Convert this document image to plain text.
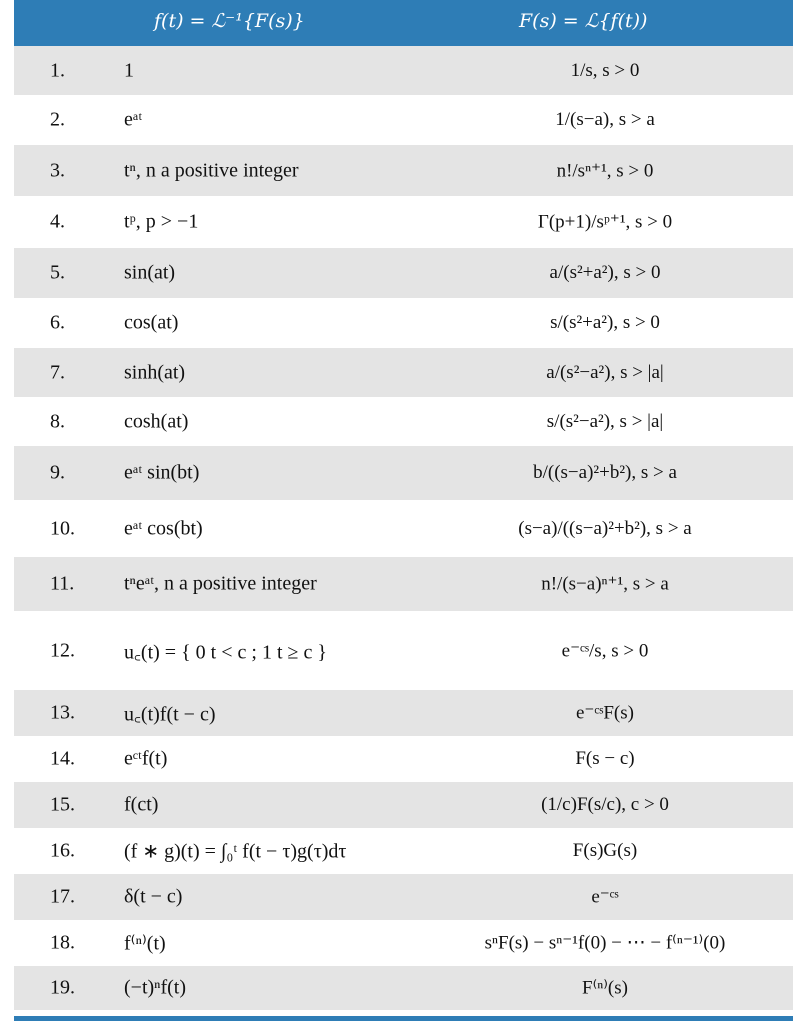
f(t) = ℒ⁻¹{F(s)}	F(s) = ℒ{f(t))
1.	1	1/s, s > 0
2.	eᵃᵗ	1/(s−a), s > a
3.	tⁿ, n a positive integer	n!/sⁿ⁺¹, s > 0
4.	tᵖ, p > −1	Γ(p+1)/sᵖ⁺¹, s > 0
5.	sin(at)	a/(s²+a²), s > 0
6.	cos(at)	s/(s²+a²), s > 0
7.	sinh(at)	a/(s²−a²), s > |a|
8.	cosh(at)	s/(s²−a²), s > |a|
9.	eᵃᵗ sin(bt)	b/((s−a)²+b²), s > a
10. eᵃᵗ cos(bt)	(s−a)/((s−a)²+b²), s > a
11. tⁿeᵃᵗ, n a positive integer	n!/(s−a)ⁿ⁺¹, s > a
12. u꜀(t) = { 0 t < c ; 1 t ≥ c }	e⁻ᶜˢ/s, s > 0
13. u꜀(t)f(t − c)	e⁻ᶜˢF(s)
14. eᶜᵗf(t)	F(s − c)
15. f(ct)	(1/c)F(s/c), c > 0
16. (f ∗ g)(t) = ∫₀ᵗ f(t − τ)g(τ)dτ	F(s)G(s)
17. δ(t − c)	e⁻ᶜˢ
18. f⁽ⁿ⁾(t)	sⁿF(s) − sⁿ⁻¹f(0) − ⋯ − f⁽ⁿ⁻¹⁾(0)
19. (−t)ⁿf(t)	F⁽ⁿ⁾(s)
